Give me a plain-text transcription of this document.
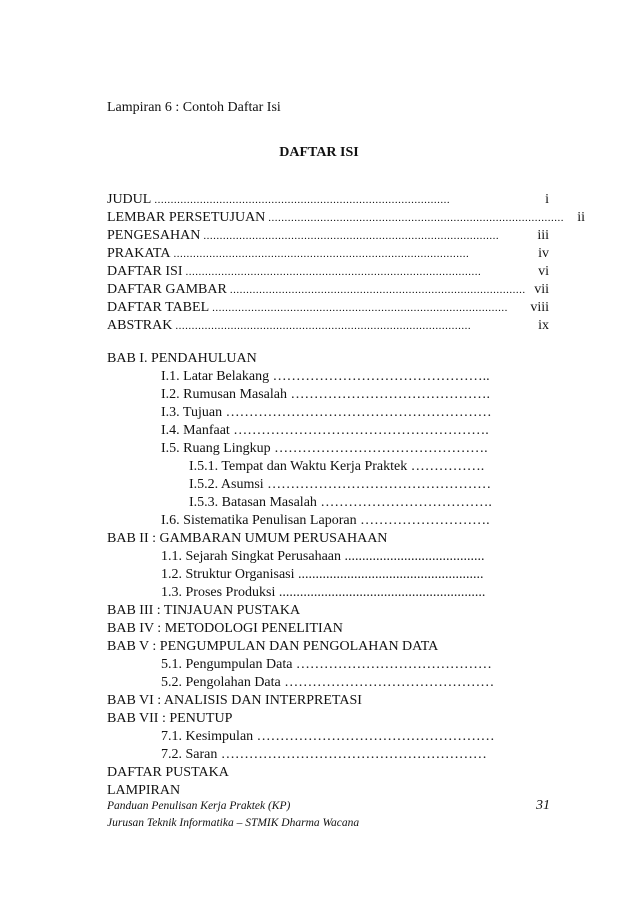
Lampiran 6 : Contoh Daftar Isi
DAFTAR ISI
JUDUL ...........................................................................................	i
LEMBAR PERSETUJUAN ........................................................................................... ii
PENGESAHAN ...........................................................................................	iii
PRAKATA ...........................................................................................	iv
DAFTAR ISI ...........................................................................................	vi
DAFTAR GAMBAR ........................................................................................... vii
DAFTAR TABEL ...........................................................................................	viii
ABSTRAK ...........................................................................................	ix
BAB I. PENDAHULUAN
I.1. Latar Belakang ………………………………………..
I.2. Rumusan Masalah …………………………………….
I.3. Tujuan …………………………………………………
I.4. Manfaat ……………………………………………….
I.5. Ruang Lingkup ……………………………………….
I.5.1. Tempat dan Waktu Kerja Praktek …………….
I.5.2. Asumsi …………………………………………
I.5.3. Batasan Masalah ……………………………….
I.6. Sistematika Penulisan Laporan ……………………….
BAB II : GAMBARAN UMUM PERUSAHAAN
1.1. Sejarah Singkat Perusahaan ........................................
1.2. Struktur Organisasi .....................................................
1.3. Proses Produksi ...........................................................
BAB III : TINJAUAN PUSTAKA
BAB IV : METODOLOGI PENELITIAN
BAB V : PENGUMPULAN DAN PENGOLAHAN DATA
5.1. Pengumpulan Data ……………………………………
5.2. Pengolahan Data ………………………………………
BAB VI : ANALISIS DAN INTERPRETASI
BAB VII : PENUTUP
7.1. Kesimpulan ……………………………………………
7.2. Saran …………………………………………………
DAFTAR PUSTAKA
LAMPIRAN
Panduan Penulisan Kerja Praktek (KP)
Jurusan Teknik Informatika – STMIK Dharma Wacana
31
